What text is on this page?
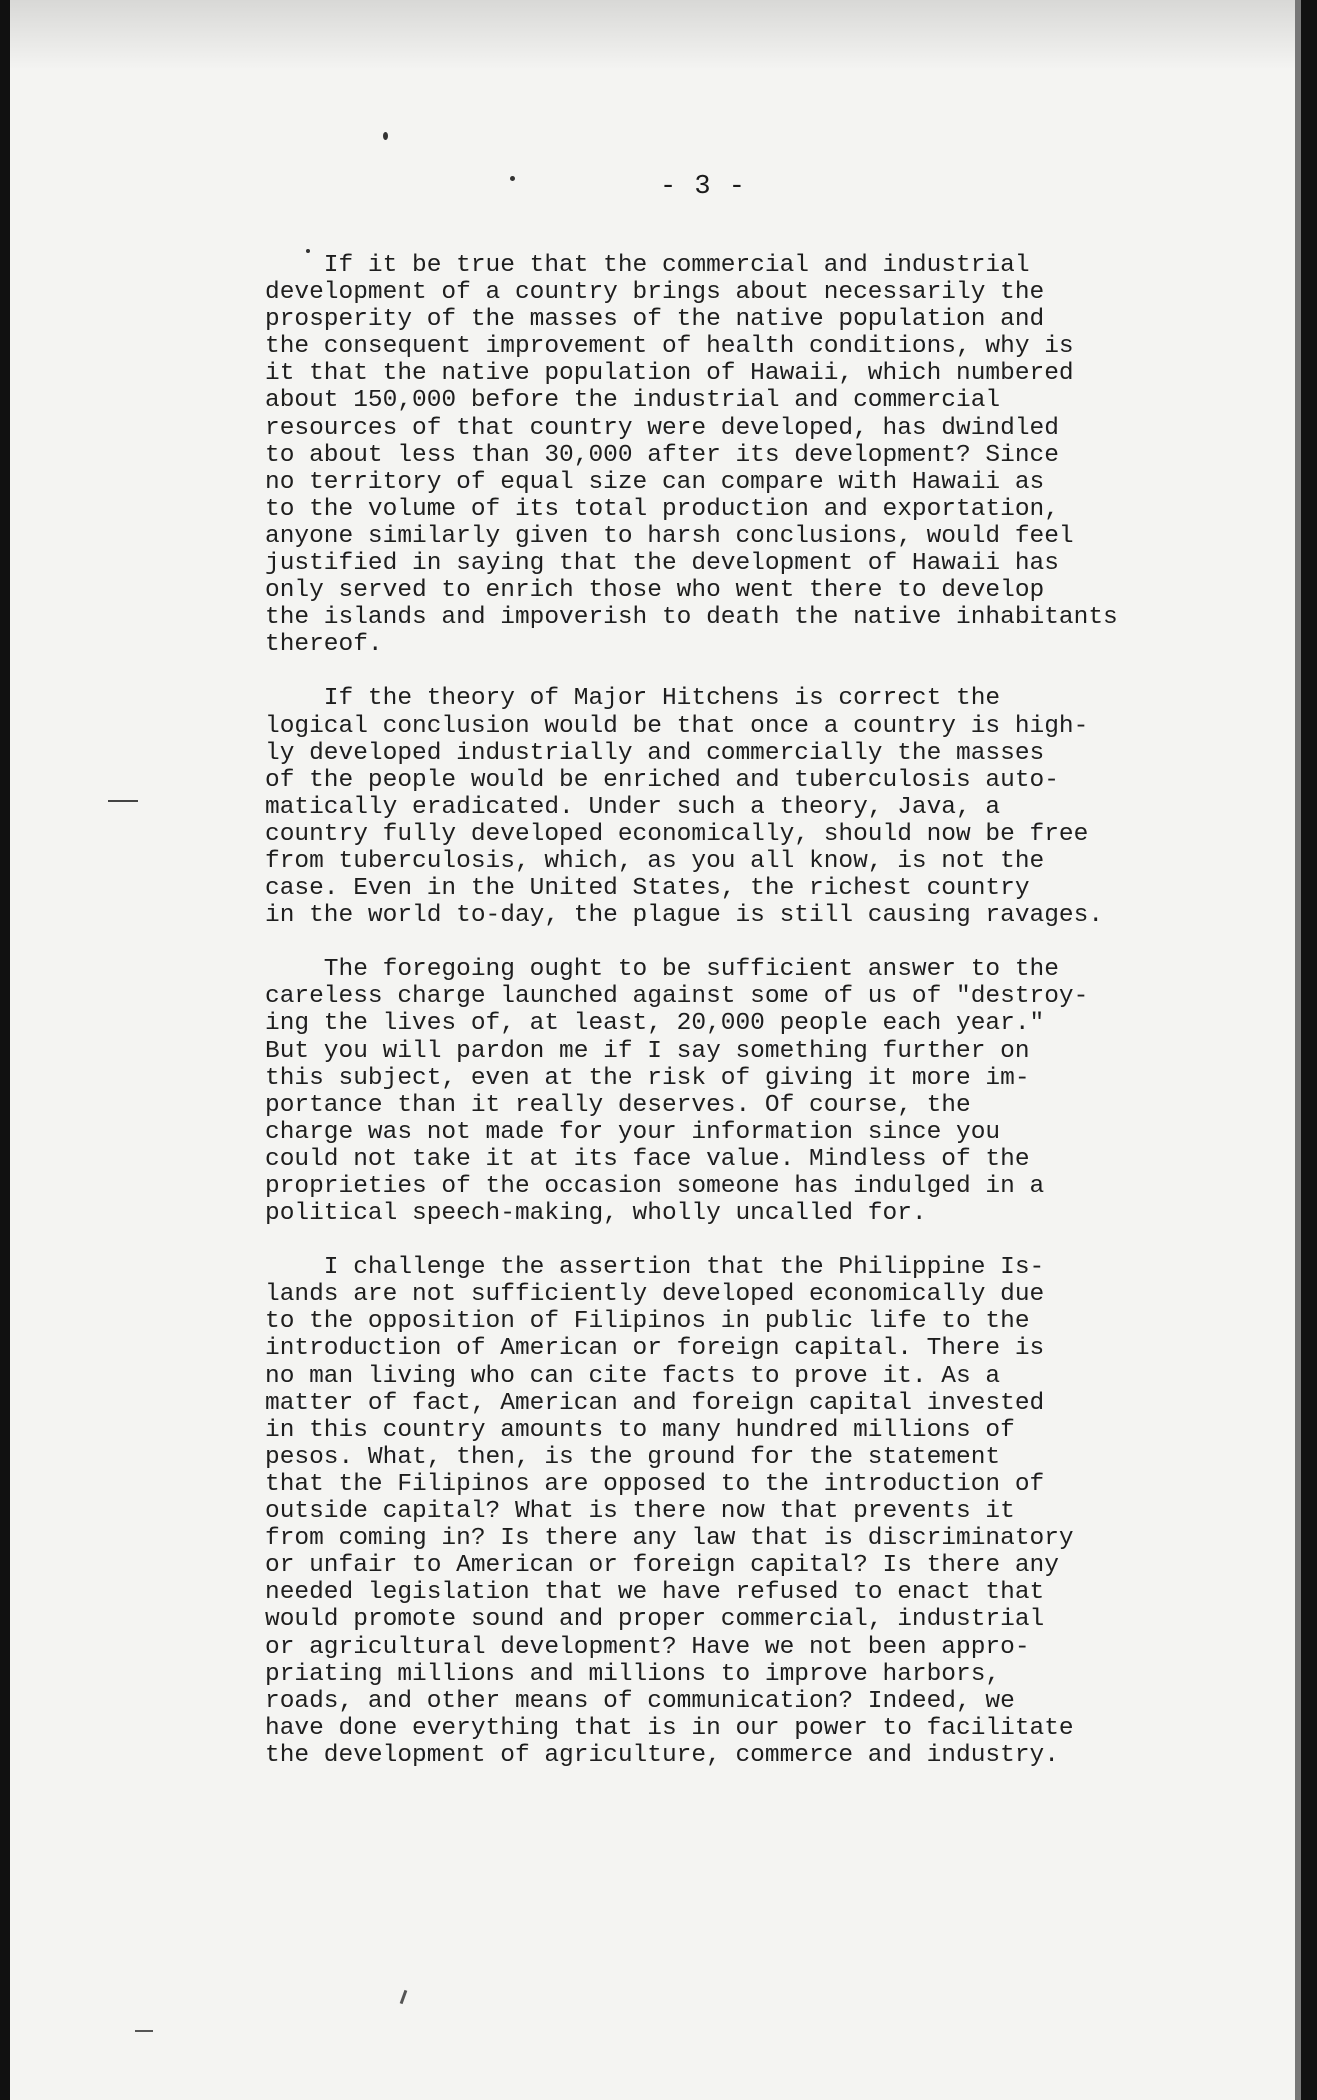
- 3 -
If it be true that the commercial and industrial
development of a country brings about necessarily the
prosperity of the masses of the native population and
the consequent improvement of health conditions, why is
it that the native population of Hawaii, which numbered
about 150,000 before the industrial and commercial
resources of that country were developed, has dwindled
to about less than 30,000 after its development? Since
no territory of equal size can compare with Hawaii as
to the volume of its total production and exportation,
anyone similarly given to harsh conclusions, would feel
justified in saying that the development of Hawaii has
only served to enrich those who went there to develop
the islands and impoverish to death the native inhabitants
thereof.
If the theory of Major Hitchens is correct the
logical conclusion would be that once a country is high-
ly developed industrially and commercially the masses
of the people would be enriched and tuberculosis auto-
matically eradicated. Under such a theory, Java, a
country fully developed economically, should now be free
from tuberculosis, which, as you all know, is not the
case. Even in the United States, the richest country
in the world to-day, the plague is still causing ravages.
The foregoing ought to be sufficient answer to the
careless charge launched against some of us of "destroy-
ing the lives of, at least, 20,000 people each year."
But you will pardon me if I say something further on
this subject, even at the risk of giving it more im-
portance than it really deserves. Of course, the
charge was not made for your information since you
could not take it at its face value. Mindless of the
proprieties of the occasion someone has indulged in a
political speech-making, wholly uncalled for.
I challenge the assertion that the Philippine Is-
lands are not sufficiently developed economically due
to the opposition of Filipinos in public life to the
introduction of American or foreign capital. There is
no man living who can cite facts to prove it. As a
matter of fact, American and foreign capital invested
in this country amounts to many hundred millions of
pesos. What, then, is the ground for the statement
that the Filipinos are opposed to the introduction of
outside capital? What is there now that prevents it
from coming in? Is there any law that is discriminatory
or unfair to American or foreign capital? Is there any
needed legislation that we have refused to enact that
would promote sound and proper commercial, industrial
or agricultural development? Have we not been appro-
priating millions and millions to improve harbors,
roads, and other means of communication? Indeed, we
have done everything that is in our power to facilitate
the development of agriculture, commerce and industry.
